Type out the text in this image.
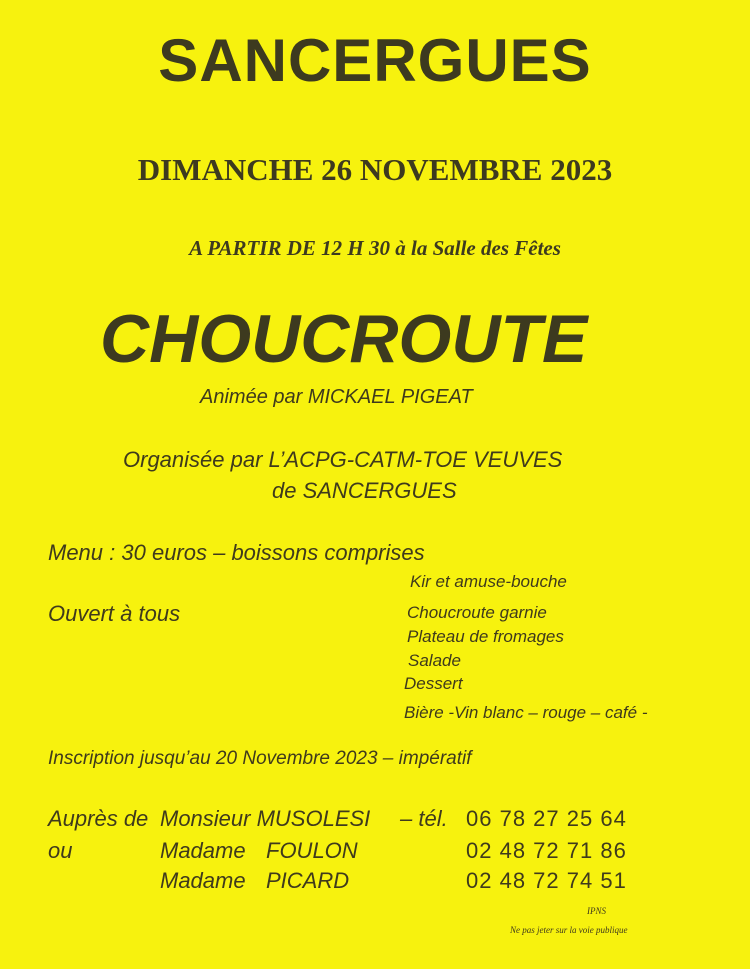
SANCERGUES
DIMANCHE 26 NOVEMBRE 2023
A PARTIR DE 12 H 30 à la Salle des Fêtes
CHOUCROUTE
Animée par MICKAEL PIGEAT
Organisée par L’ACPG-CATM-TOE VEUVES
de SANCERGUES
Menu : 30 euros – boissons comprises
Ouvert à tous
Kir et amuse-bouche
Choucroute garnie
Plateau de fromages
Salade
Dessert
Bière -Vin blanc – rouge – café -
Inscription jusqu’au 20 Novembre 2023 – impératif
Auprès de Monsieur MUSOLESI – tél. 06 78 27 25 64
ou	Madame FOULON	02 48 72 71 86
Madame PICARD	02 48 72 74 51
IPNS
Ne pas jeter sur la voie publique
